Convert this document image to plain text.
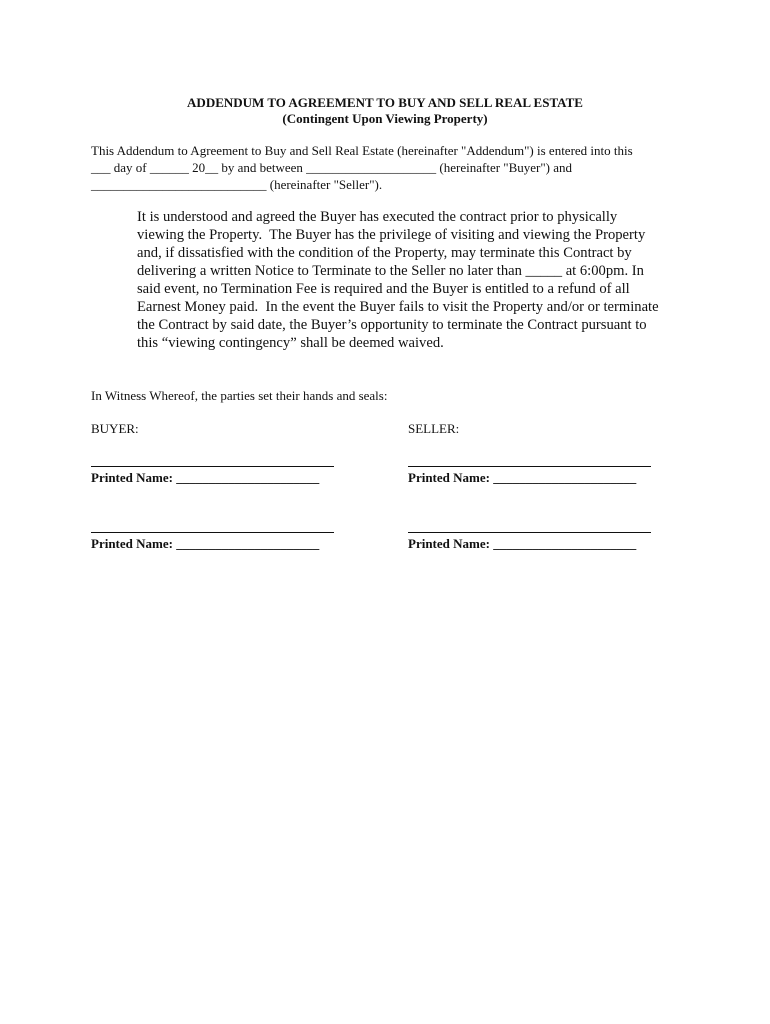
ADDENDUM TO AGREEMENT TO BUY AND SELL REAL ESTATE
(Contingent Upon Viewing Property)
This Addendum to Agreement to Buy and Sell Real Estate (hereinafter "Addendum") is entered into this
___ day of ______ 20__ by and between ____________________ (hereinafter "Buyer") and
___________________________ (hereinafter "Seller").
It is understood and agreed the Buyer has executed the contract prior to physically
viewing the Property.  The Buyer has the privilege of visiting and viewing the Property
and, if dissatisfied with the condition of the Property, may terminate this Contract by
delivering a written Notice to Terminate to the Seller no later than _____ at 6:00pm. In
said event, no Termination Fee is required and the Buyer is entitled to a refund of all
Earnest Money paid.  In the event the Buyer fails to visit the Property and/or or terminate
the Contract by said date, the Buyer’s opportunity to terminate the Contract pursuant to
this “viewing contingency” shall be deemed waived.
In Witness Whereof, the parties set their hands and seals:
BUYER:	SELLER:
Printed Name: ______________________	Printed Name: ______________________
Printed Name: ______________________	Printed Name: ______________________
